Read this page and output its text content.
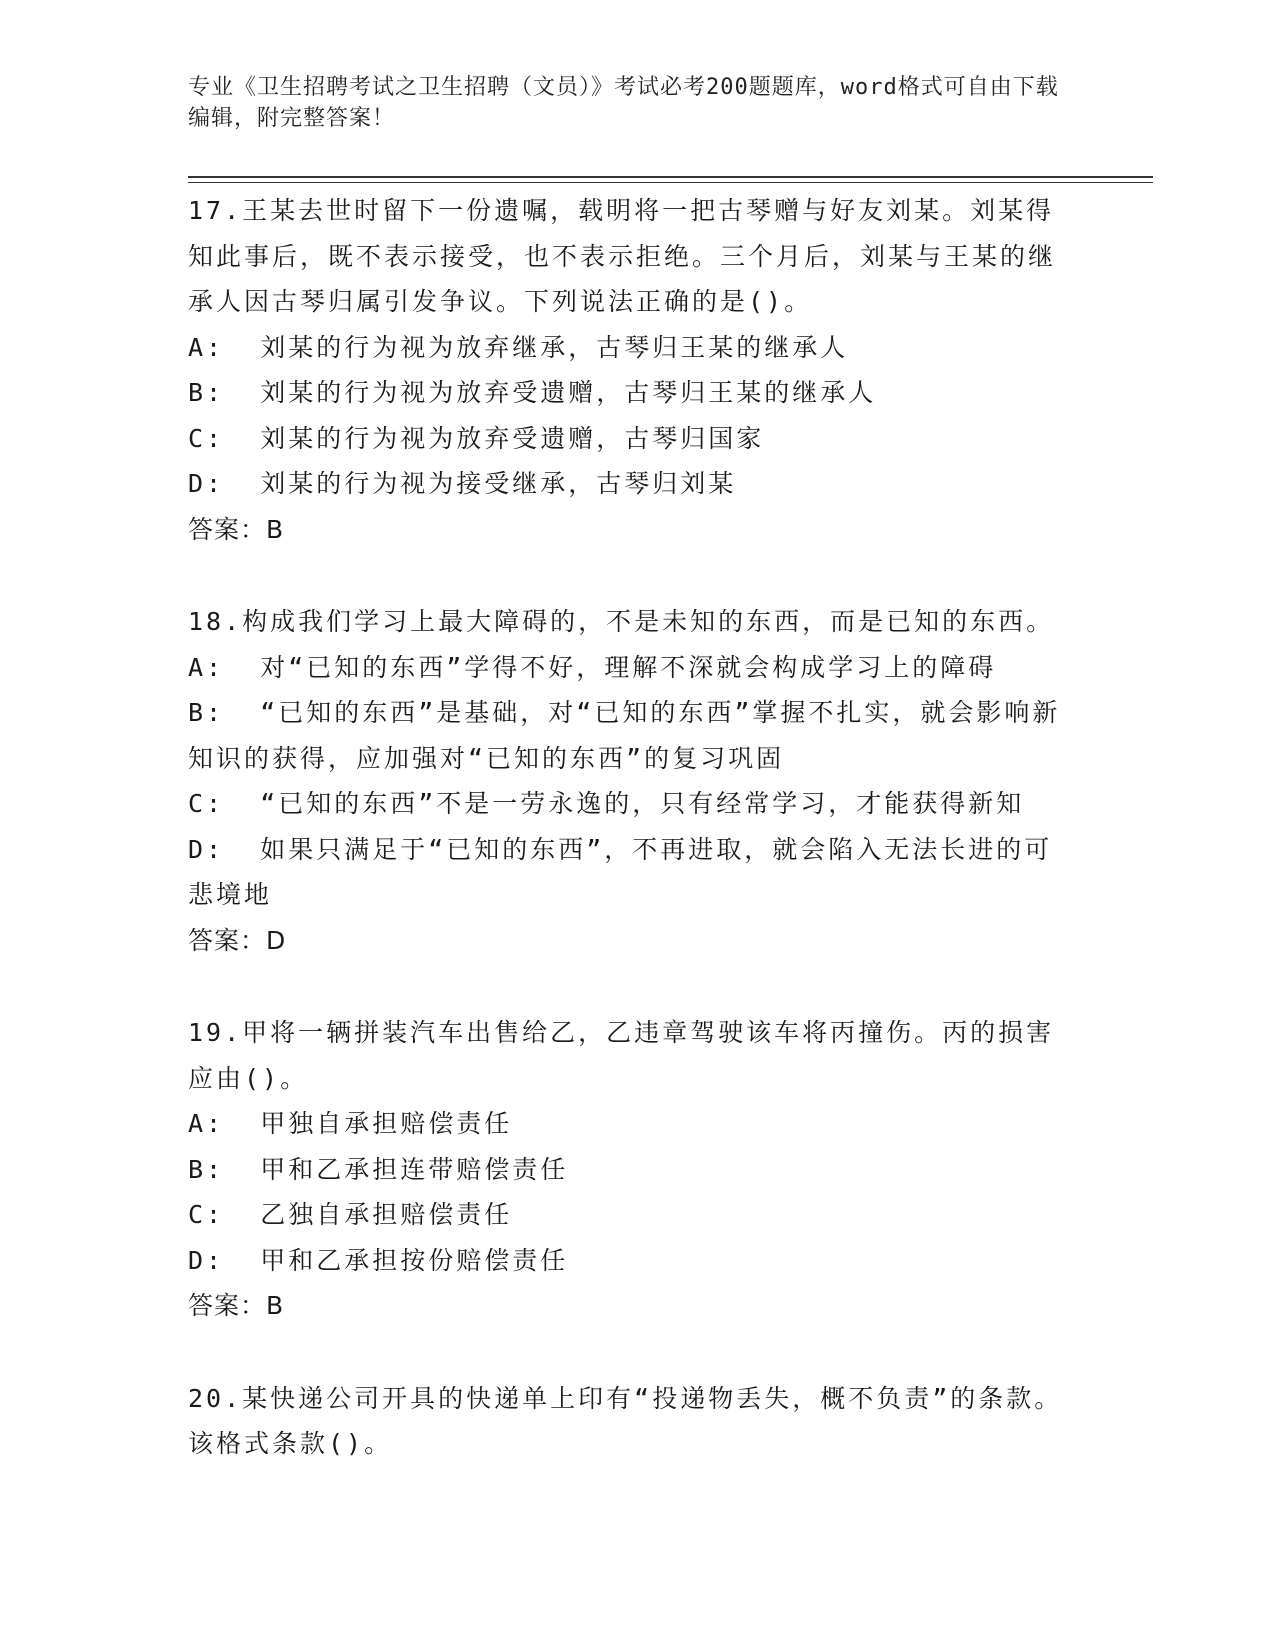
专业《卫生招聘考试之卫生招聘（文员）》考试必考200题题库，word格式可自由下载编辑，附完整答案！
17.王某去世时留下一份遗嘱，载明将一把古琴赠与好友刘某。刘某得知此事后，既不表示接受，也不表示拒绝。三个月后，刘某与王某的继承人因古琴归属引发争议。下列说法正确的是()。
A:  刘某的行为视为放弃继承，古琴归王某的继承人
B:  刘某的行为视为放弃受遗赠，古琴归王某的继承人
C:  刘某的行为视为放弃受遗赠，古琴归国家
D:  刘某的行为视为接受继承，古琴归刘某
答案：B
18.构成我们学习上最大障碍的，不是未知的东西，而是已知的东西。
A:  对“已知的东西”学得不好，理解不深就会构成学习上的障碍
B:  “已知的东西”是基础，对“已知的东西”掌握不扎实，就会影响新知识的获得，应加强对“已知的东西”的复习巩固
C:  “已知的东西”不是一劳永逸的，只有经常学习，才能获得新知
D:  如果只满足于“已知的东西”，不再进取，就会陷入无法长进的可悲境地
答案：D
19.甲将一辆拼装汽车出售给乙，乙违章驾驶该车将丙撞伤。丙的损害应由()。
A:  甲独自承担赔偿责任
B:  甲和乙承担连带赔偿责任
C:  乙独自承担赔偿责任
D:  甲和乙承担按份赔偿责任
答案：B
20.某快递公司开具的快递单上印有“投递物丢失，概不负责”的条款。该格式条款()。
